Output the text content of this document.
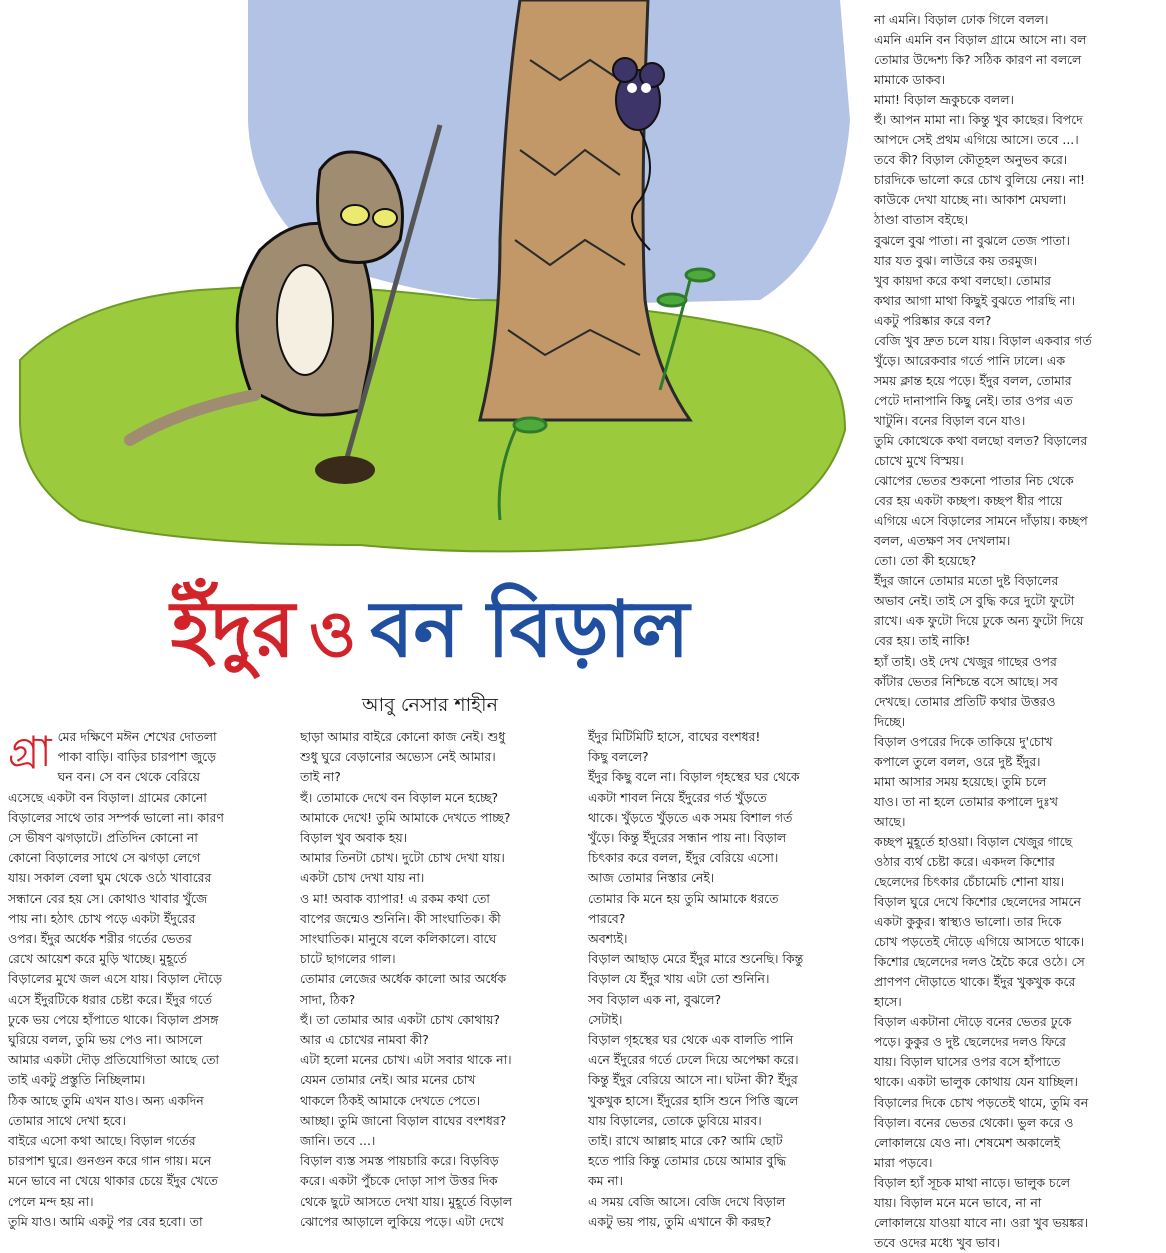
ইঁদুর ও বন বিড়াল
আবু নেসার শাহীন
গ্রা মের দক্ষিণে মঈন শেখের দোতলা

পাকা বাড়ি। বাড়ির চারপাশ জুড়ে

ঘন বন। সে বন থেকে বেরিয়ে

এসেছে একটা বন বিড়াল। গ্রামের কোনো

বিড়ালের সাথে তার সম্পর্ক ভালো না। কারণ

সে ভীষণ ঝগড়াটে। প্রতিদিন কোনো না

কোনো বিড়ালের সাথে সে ঝগড়া লেগে

যায়। সকাল বেলা ঘুম থেকে ওঠে খাবারের

সন্ধানে বের হয় সে। কোথাও খাবার খুঁজে

পায় না। হঠাৎ চোখ পড়ে একটা ইঁদুরের

ওপর। ইঁদুর অর্ধেক শরীর গর্তের ভেতর

রেখে আয়েশ করে মুড়ি খাচ্ছে। মুহূর্তে

বিড়ালের মুখে জল এসে যায়। বিড়াল দৌড়ে

এসে ইঁদুরটিকে ধরার চেষ্টা করে। ইঁদুর গর্তে

ঢুকে ভয় পেয়ে হাঁপাতে থাকে। বিড়াল প্রসঙ্গ

ঘুরিয়ে বলল, তুমি ভয় পেও না। আসলে

আমার একটা দৌড় প্রতিযোগিতা আছে তো

তাই একটু প্রস্তুতি নিচ্ছিলাম।

ঠিক আছে তুমি এখন যাও। অন্য একদিন

তোমার সাথে দেখা হবে।

বাইরে এসো কথা আছে। বিড়াল গর্তের

চারপাশ ঘুরে। গুনগুন করে গান গায়। মনে

মনে ভাবে না খেয়ে থাকার চেয়ে ইঁদুর খেতে

পেলে মন্দ হয় না।

তুমি যাও। আমি একটু পর বের হবো। তা

ছাড়া আমার বাইরে কোনো কাজ নেই। শুধু

শুধু ঘুরে বেড়ানোর অভ্যেস নেই আমার।

তাই না?

হুঁ। তোমাকে দেখে বন বিড়াল মনে হচ্ছে?

আমাকে দেখে! তুমি আমাকে দেখতে পাচ্ছ?

বিড়াল খুব অবাক হয়।

আমার তিনটা চোখ। দুটো চোখ দেখা যায়।

একটা চোখ দেখা যায় না।

ও মা! অবাক ব্যাপার! এ রকম কথা তো

বাপের জন্মেও শুনিনি। কী সাংঘাতিক। কী

সাংঘাতিক। মানুষে বলে কলিকালে। বাঘে

চাটে ছাগলের গাল।

তোমার লেজের অর্ধেক কালো আর অর্ধেক

সাদা, ঠিক?

হুঁ। তা তোমার আর একটা চোখ কোথায়?

আর এ চোখের নামবা কী?

এটা হলো মনের চোখ। এটা সবার থাকে না।

যেমন তোমার নেই। আর মনের চোখ

থাকলে ঠিকই আমাকে দেখতে পেতে।

আচ্ছা। তুমি জানো বিড়াল বাঘের বংশধর?

জানি। তবে ...।

বিড়াল ব্যস্ত সমস্ত পায়চারি করে। বিড়বিড়

করে। একটা পুঁচকে দোড়া সাপ উত্তর দিক

থেকে ছুটে আসতে দেখা যায়। মুহূর্তে বিড়াল

ঝোপের আড়ালে লুকিয়ে পড়ে। এটা দেখে

ইঁদুর মিটিমিটি হাসে, বাঘের বংশধর!

কিছু বললে?

ইঁদুর কিছু বলে না। বিড়াল গৃহস্থের ঘর থেকে

একটা শাবল নিয়ে ইঁদুরের গর্ত খুঁড়তে

থাকে। খুঁড়তে খুঁড়তে এক সময় বিশাল গর্ত

খুঁড়ে। কিন্তু ইঁদুরের সন্ধান পায় না। বিড়াল

চিৎকার করে বলল, ইঁদুর বেরিয়ে এসো।

আজ তোমার নিস্তার নেই।

তোমার কি মনে হয় তুমি আমাকে ধরতে

পারবে?

অবশ্যই।

বিড়াল আছাড় মেরে ইঁদুর মারে শুনেছি। কিন্তু

বিড়াল যে ইঁদুর খায় এটা তো শুনিনি।

সব বিড়াল এক না, বুঝলে?

সেটাই।

বিড়াল গৃহস্থের ঘর থেকে এক বালতি পানি

এনে ইঁদুরের গর্তে ঢেলে দিয়ে অপেক্ষা করে।

কিন্তু ইঁদুর বেরিয়ে আসে না। ঘটনা কী? ইঁদুর

খুকখুক হাসে। ইঁদুরের হাসি শুনে পিত্তি জ্বলে

যায় বিড়ালের, তোকে ডুবিয়ে মারব।

তাই। রাখে আল্লাহ মারে কে? আমি ছোট

হতে পারি কিন্তু তোমার চেয়ে আমার বুদ্ধি

কম না।

এ সময় বেজি আসে। বেজি দেখে বিড়াল

একটু ভয় পায়, তুমি এখানে কী করছ?

না এমনি। বিড়াল ঢোক গিলে বলল।

এমনি এমনি বন বিড়াল গ্রামে আসে না। বল

তোমার উদ্দেশ্য কি? সঠিক কারণ না বললে

মামাকে ডাকব।

মামা! বিড়াল ভ্রূকুচকে বলল।

হুঁ। আপন মামা না। কিন্তু খুব কাছের। বিপদে

আপদে সেই প্রথম এগিয়ে আসে। তবে ...।

তবে কী? বিড়াল কৌতূহল অনুভব করে।

চারদিকে ভালো করে চোখ বুলিয়ে নেয়। না!

কাউকে দেখা যাচ্ছে না। আকাশ মেঘলা।

ঠাণ্ডা বাতাস বইছে।

বুঝলে বুঝ পাতা। না বুঝলে তেজ পাতা।

যার যত বুঝ। লাউরে কয় তরমুজ।

খুব কায়দা করে কথা বলছো। তোমার

কথার আগা মাথা কিছুই বুঝতে পারছি না।

একটু পরিষ্কার করে বল?

বেজি খুব দ্রুত চলে যায়। বিড়াল একবার গর্ত

খুঁড়ে। আরেকবার গর্তে পানি ঢালে। এক

সময় ক্লান্ত হয়ে পড়ে। ইঁদুর বলল, তোমার

পেটে দানাপানি কিছু নেই। তার ওপর এত

খাটুনি। বনের বিড়াল বনে যাও।

তুমি কোত্থেকে কথা বলছো বলত? বিড়ালের

চোখে মুখে বিস্ময়।

ঝোপের ভেতর শুকনো পাতার নিচ থেকে

বের হয় একটা কচ্ছপ। কচ্ছপ ধীর পায়ে

এগিয়ে এসে বিড়ালের সামনে দাঁড়ায়। কচ্ছপ

বলল, এতক্ষণ সব দেখলাম।

তো। তো কী হয়েছে?

ইঁদুর জানে তোমার মতো দুষ্ট বিড়ালের

অভাব নেই। তাই সে বুদ্ধি করে দুটো ফুটো

রাখে। এক ফুটো দিয়ে ঢুকে অন্য ফুটো দিয়ে

বের হয়। তাই নাকি!

হ্যাঁ তাই। ওই দেখ খেজুর গাছের ওপর

কাঁটার ভেতর নিশ্চিন্তে বসে আছে। সব

দেখছে। তোমার প্রতিটি কথার উত্তরও

দিচ্ছে।

বিড়াল ওপরের দিকে তাকিয়ে দু'চোখ

কপালে তুলে বলল, ওরে দুষ্ট ইঁদুর।

মামা আসার সময় হয়েছে। তুমি চলে

যাও। তা না হলে তোমার কপালে দুঃখ

আছে।

কচ্ছপ মুহূর্তে হাওয়া। বিড়াল খেজুর গাছে

ওঠার ব্যর্থ চেষ্টা করে। একদল কিশোর

ছেলেদের চিৎকার চেঁচামেচি শোনা যায়।

বিড়াল ঘুরে দেখে কিশোর ছেলেদের সামনে

একটা কুকুর। স্বাস্থ্যও ভালো। তার দিকে

চোখ পড়তেই দৌড়ে এগিয়ে আসতে থাকে।

কিশোর ছেলেদের দলও হৈচৈ করে ওঠে। সে

প্রাণপণ দৌড়াতে থাকে। ইঁদুর খুকখুক করে

হাসে।

বিড়াল একটানা দৌড়ে বনের ভেতর ঢুকে

পড়ে। কুকুর ও দুষ্ট ছেলেদের দলও ফিরে

যায়। বিড়াল ঘাসের ওপর বসে হাঁপাতে

থাকে। একটা ভালুক কোথায় যেন যাচ্ছিল।

বিড়ালের দিকে চোখ পড়তেই থামে, তুমি বন

বিড়াল। বনের ভেতর থেকো। ভুল করে ও

লোকালয়ে যেও না। শেষমেশ অকালেই

মারা পড়বে।

বিড়াল হ্যাঁ সূচক মাথা নাড়ে। ভালুক চলে

যায়। বিড়াল মনে মনে ভাবে, না না

লোকালয়ে যাওয়া যাবে না। ওরা খুব ভয়ঙ্কর।

তবে ওদের মধ্যে খুব ভাব।
